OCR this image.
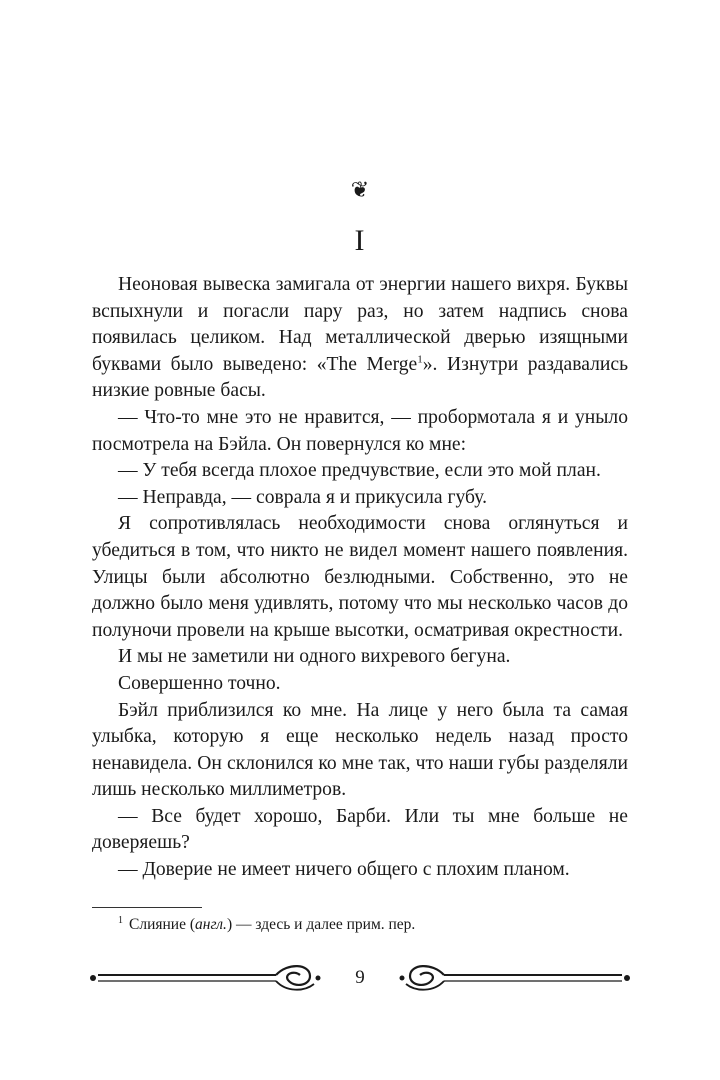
❦
I

Неоновая вывеска замигала от энергии нашего вихря. Буквы вспыхнули и погасли пару раз, но затем надпись снова появилась целиком. Над металлической дверью изящными буквами было выведено: «The Merge$^1$». Изнутри раздавались низкие ровные басы.

— Что-то мне это не нравится, — пробормотала я и уныло посмотрела на Бэйла. Он повернулся ко мне:

— У тебя всегда плохое предчувствие, если это мой план.

— Неправда, — соврала я и прикусила губу.

Я сопротивлялась необходимости снова оглянуться и убедиться в том, что никто не видел момент нашего появления. Улицы были абсолютно безлюдными. Собственно, это не должно было меня удивлять, потому что мы несколько часов до полуночи провели на крыше высотки, осматривая окрестности.

И мы не заметили ни одного вихревого бегуна.

Совершенно точно.

Бэйл приблизился ко мне. На лице у него была та самая улыбка, которую я еще несколько недель назад просто ненавидела. Он склонился ко мне так, что наши губы разделяли лишь несколько миллиметров.

— Все будет хорошо, Барби. Или ты мне больше не доверяешь?

— Доверие не имеет ничего общего с плохим планом.

$^1$ Слияние (англ.) — здесь и далее прим. пер.
9
